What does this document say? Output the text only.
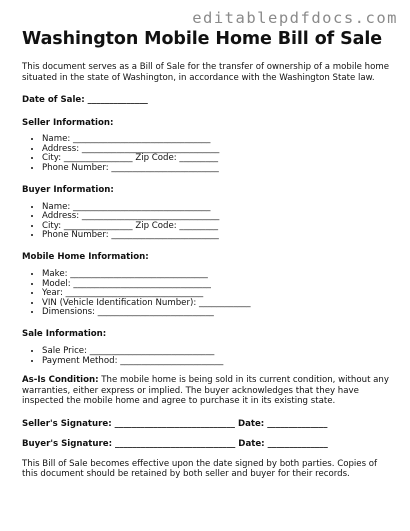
editablepdfdocs.com
Washington Mobile Home Bill of Sale

This document serves as a Bill of Sale for the transfer of ownership of a mobile home situated in the state of Washington, in accordance with the Washington State law.

Date of Sale: ______________
Seller Information:
• Name: ________________________________
• Address: ________________________________
• City: ________________ Zip Code: _________
• Phone Number: _________________________
Buyer Information:
• Name: ________________________________
• Address: ________________________________
• City: ________________ Zip Code: _________
• Phone Number: _________________________
Mobile Home Information:
• Make: ________________________________
• Model: ________________________________
• Year: ________________________________
• VIN (Vehicle Identification Number): ____________
• Dimensions: ___________________________
Sale Information:
• Sale Price: _____________________________
• Payment Method: ________________________

As-Is Condition: The mobile home is being sold in its current condition, without any warranties, either express or implied. The buyer acknowledges that they have inspected the mobile home and agree to purchase it in its existing state.

Seller's Signature: ____________________________ Date: ______________
Buyer's Signature: ____________________________ Date: ______________

This Bill of Sale becomes effective upon the date signed by both parties. Copies of this document should be retained by both seller and buyer for their records.
